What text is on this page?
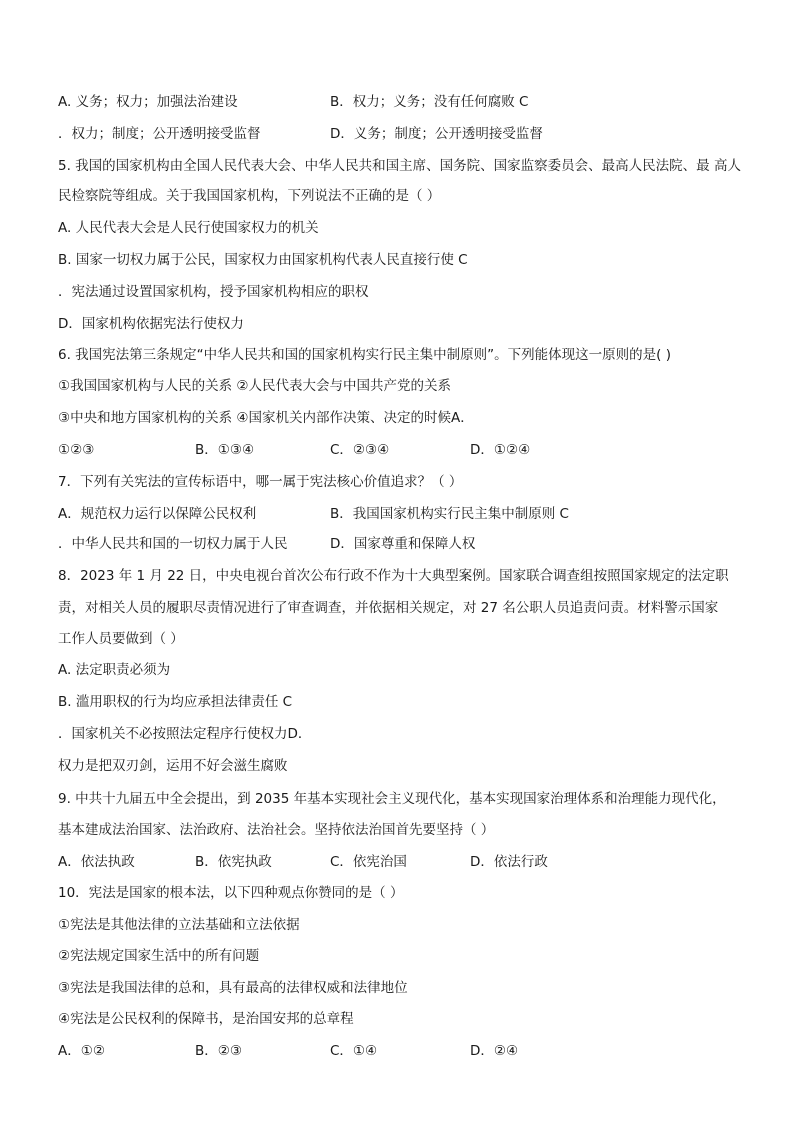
A. 义务；权力；加强法治建设	B．权力；义务；没有任何腐败 C
．权力；制度；公开透明接受监督	D．义务；制度；公开透明接受监督
5. 我国的国家机构由全国人民代表大会、中华人民共和国主席、国务院、国家监察委员会、最高人民法院、最 高人
民检察院等组成。关于我国国家机构，下列说法不正确的是（ ）
A. 人民代表大会是人民行使国家权力的机关
B. 国家一切权力属于公民，国家权力由国家机构代表人民直接行使 C
．宪法通过设置国家机构，授予国家机构相应的职权
D．国家机构依据宪法行使权力
6. 我国宪法第三条规定“中华人民共和国的国家机构实行民主集中制原则”。下列能体现这一原则的是( )
①我国国家机构与人民的关系 ②人民代表大会与中国共产党的关系
③中央和地方国家机构的关系 ④国家机关内部作决策、决定的时候A．
①②③	B．①③④	C．②③④	D．①②④
7．下列有关宪法的宣传标语中，哪一属于宪法核心价值追求？（ ）
A．规范权力运行以保障公民权利	B．我国国家机构实行民主集中制原则 C
．中华人民共和国的一切权力属于人民	D．国家尊重和保障人权
8．2023 年 1 月 22 日，中央电视台首次公布行政不作为十大典型案例。国家联合调查组按照国家规定的法定职
责，对相关人员的履职尽责情况进行了审查调查，并依据相关规定，对 27 名公职人员追责问责。材料警示国家
工作人员要做到（ ）
A. 法定职责必须为
B. 滥用职权的行为均应承担法律责任 C
．国家机关不必按照法定程序行使权力D．
权力是把双刃剑，运用不好会滋生腐败
9. 中共十九届五中全会提出，到 2035 年基本实现社会主义现代化，基本实现国家治理体系和治理能力现代化，
基本建成法治国家、法治政府、法治社会。坚持依法治国首先要坚持（ ）
A．依法执政	B．依宪执政	C．依宪治国	D．依法行政
10．宪法是国家的根本法，以下四种观点你赞同的是（ ）
①宪法是其他法律的立法基础和立法依据
②宪法规定国家生活中的所有问题
③宪法是我国法律的总和，具有最高的法律权威和法律地位
④宪法是公民权利的保障书，是治国安邦的总章程
A．①②	B．②③	C．①④	D．②④
